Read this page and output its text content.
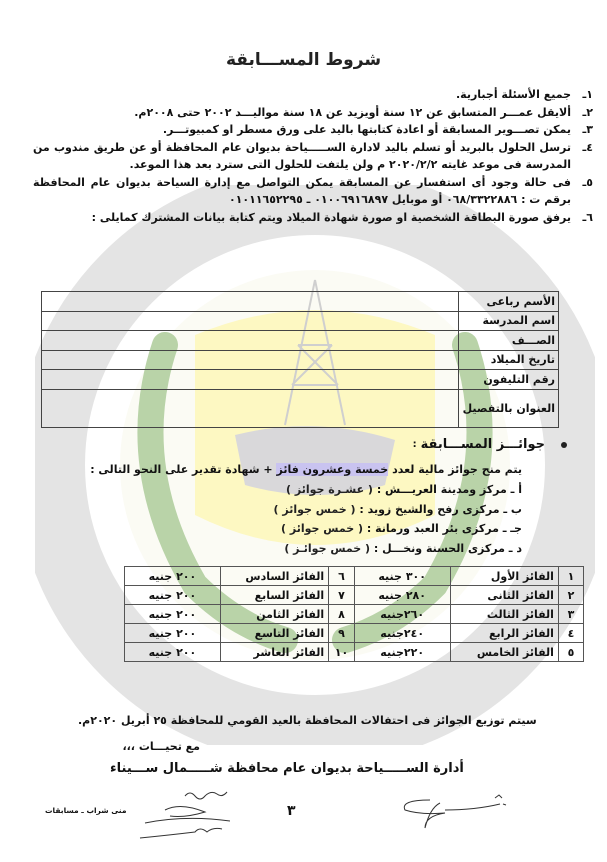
شروط المســـابقة
١ـ
جميع الأسئلة أجبارية.
٢ـ
ألايقل عمـــر المتسابق عن ١٢ سنة أويزيد عن ١٨ سنة مواليـــد ٢٠٠٢ حتى ٢٠٠٨م.
٣ـ
يمكن تصـــوير المسابقة أو اعادة كتابتها باليد على ورق مسطر او كمبيوتـــر.
٤ـ
ترسل الحلول بالبريد أو تسلم باليد لادارة الســـــياحة بديوان عام المحافظة أو عن طريق مندوب من المدرسة فى موعد غايته ٢٠٢٠/٢/٢ م ولن يلتفت للحلول التى سترد بعد هذا الموعد.
٥ـ
فى حالة وجود أى استفسار عن المسابقة يمكن التواصل مع إدارة السياحة بديوان عام المحافظة برقم ت : ٠٦٨/٣٣٢٢٨٨٦ أو موبايل ٠١٠٠٦٩١٦٨٩٧ ـ ٠١٠١١٦٥٢٢٩٥
٦ـ
يرفق صورة البطاقة الشخصية او صورة شهادة الميلاد ويتم كتابة بيانات المشترك كمايلى :
الأسم رباعى	
اسم المدرسة	
الصـــف	
تاريخ الميلاد	
رقم التليفون	
العنوان بالتفصيل	
جوائـــز المســـابقة
:
يتم منح جوائز مالية لعدد خمسة وعشرون فائز + شهادة تقدير على النحو التالى :
أ ـ مركز ومدينة العريـــش : ( عشـرة جوائز )
ب ـ مركزى رفح والشيخ زويد : ( خمس جوائز )
جـ ـ مركزى بئر العبد ورمانة : ( خمس جوائز )
د ـ مركزى الحسنة ونخـــل : ( خمس جوائـز )
١	الفائز الأول	٣٠٠ جنيه	٦	الفائز السادس	٢٠٠ جنيه
٢	الفائز الثانى	٢٨٠ جنيه	٧	الفائز السابع	٢٠٠ جنيه
٣	الفائز الثالث	٢٦٠جنيه	٨	الفائز الثامن	٢٠٠ جنيه
٤	الفائز الرابع	٢٤٠جنيه	٩	الفائز التاسع	٢٠٠ جنيه
٥	الفائز الخامس	٢٢٠جنيه	١٠	الفائز العاشر	٢٠٠ جنيه
سيتم توزيع الجوائز فى احتفالات المحافظة بالعيد القومي للمحافظة ٢٥ أبريل ٢٠٢٠م.
مع تحيـــات ،،،
أدارة الســـــياحة بديوان عام محافظة شـــــمال ســـيناء
منى شراب ـ مسابقات	٣
